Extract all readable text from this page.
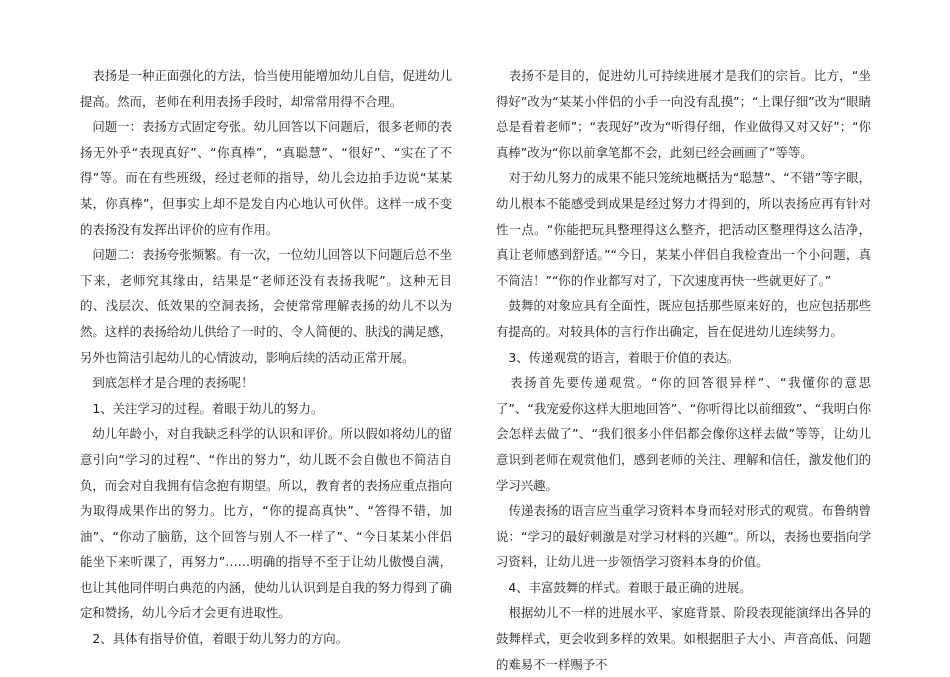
　表扬是一种正面强化的方法，恰当使用能增加幼儿自信，促进幼儿提高。然而，老师在利用表扬手段时，却常常用得不合理。

　问题一：表扬方式固定夸张。幼儿回答以下问题后，很多老师的表扬无外乎“表现真好”、“你真棒”，“真聪慧”、“很好”、“实在了不得”等。而在有些班级，经过老师的指导，幼儿会边拍手边说“某某某，你真棒”，但事实上却不是发自内心地认可伙伴。这样一成不变的表扬没有发挥出评价的应有作用。

　问题二：表扬夸张频繁。有一次，一位幼儿回答以下问题后总不坐下来，老师究其缘由，结果是“老师还没有表扬我呢”。这种无目的、浅层次、低效果的空洞表扬，会使常常理解表扬的幼儿不以为然。这样的表扬给幼儿供给了一时的、令人简便的、肤浅的满足感，另外也简洁引起幼儿的心情波动，影响后续的活动正常开展。

　到底怎样才是合理的表扬呢！

　1、关注学习的过程。着眼于幼儿的努力。

　幼儿年龄小，对自我缺乏科学的认识和评价。所以假如将幼儿的留意引向“学习的过程”、“作出的努力”，幼儿既不会自傲也不简洁自负，而会对自我拥有信念抱有期望。所以，教育者的表扬应重点指向为取得成果作出的努力。比方，“你的提高真快”、“答得不错，加油”、“你动了脑筋，这个回答与别人不一样了”、“今日某某小伴侣能坐下来听课了，再努力”……明确的指导不至于让幼儿傲慢自满，也让其他同伴明白典范的内涵，使幼儿认识到是自我的努力得到了确定和赞扬，幼儿今后才会更有进取性。

　2、具体有指导价值，着眼于幼儿努力的方向。

　表扬不是目的，促进幼儿可持续进展才是我们的宗旨。比方，“坐得好”改为“某某小伴侣的小手一向没有乱摸”；“上课仔细”改为“眼睛总是看着老师”；“表现好”改为“听得仔细，作业做得又对又好”；“你真棒”改为“你以前拿笔都不会，此刻已经会画画了”等等。

　对于幼儿努力的成果不能只笼统地概括为“聪慧”、“不错”等字眼，幼儿根本不能感受到成果是经过努力才得到的，所以表扬应再有针对性一点。“你能把玩具整理得这么整齐，把活动区整理得这么洁净，真让老师感到舒适。”“今日，某某小伴侣自我检查出一个小问题，真不简洁！”“你的作业都写对了，下次速度再快一些就更好了。”

　鼓舞的对象应具有全面性，既应包括那些原来好的，也应包括那些有提高的。对较具体的言行作出确定，旨在促进幼儿连续努力。

　3、传递观赏的语言，着眼于价值的表达。

　表扬首先要传递观赏。“你的回答很异样”、“我懂你的意思了”、“我宠爱你这样大胆地回答”、“你听得比以前细致”、“我明白你会怎样去做了”、“我们很多小伴侣都会像你这样去做”等等，让幼儿意识到老师在观赏他们，感到老师的关注、理解和信任，激发他们的学习兴趣。

　传递表扬的语言应当重学习资料本身而轻对形式的观赏。布鲁纳曾说：“学习的最好刺激是对学习材料的兴趣”。所以，表扬也要指向学习资料，让幼儿进一步领悟学习资料本身的价值。

　4、丰富鼓舞的样式。着眼于最正确的进展。

　根据幼儿不一样的进展水平、家庭背景、阶段表现能演绎出各异的鼓舞样式，更会收到多样的效果。如根据胆子大小、声音高低、问题的难易不一样赐予不
